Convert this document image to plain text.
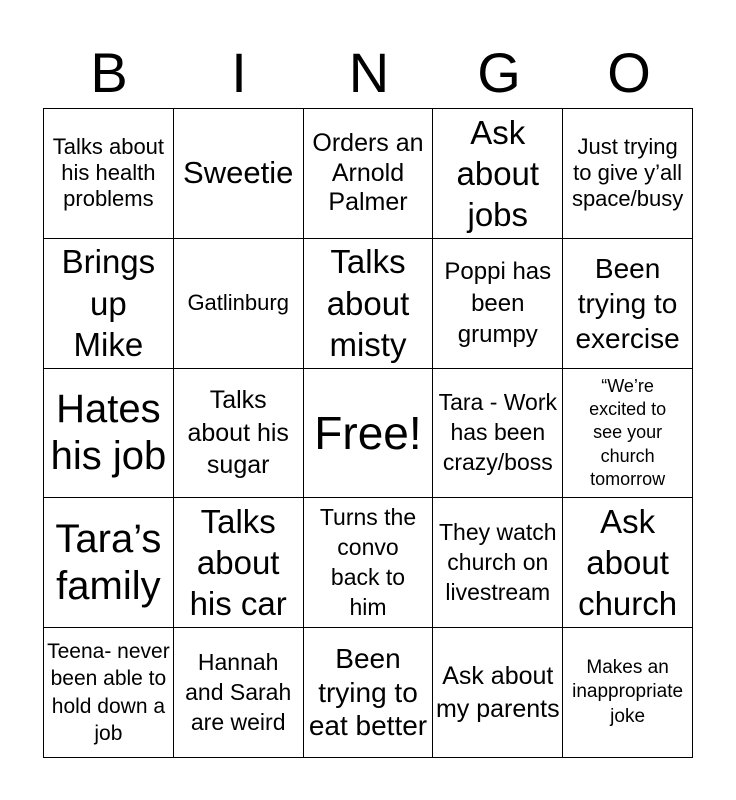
B	I	N	G	O
Talks about his health problems
Sweetie
Orders an Arnold Palmer
Ask about jobs
Just trying to give y’all space/busy
Brings up Mike
Gatlinburg
Talks about misty
Poppi has been grumpy
Been trying to exercise
Hates his job
Talks about his sugar
Free!
Tara - Work has been crazy/boss
“We’re excited to see your church tomorrow
Tara’s family
Talks about his car
Turns the convo back to him
They watch church on livestream
Ask about church
Teena- never been able to hold down a job
Hannah and Sarah are weird
Been trying to eat better
Ask about my parents
Makes an inappropriate joke
